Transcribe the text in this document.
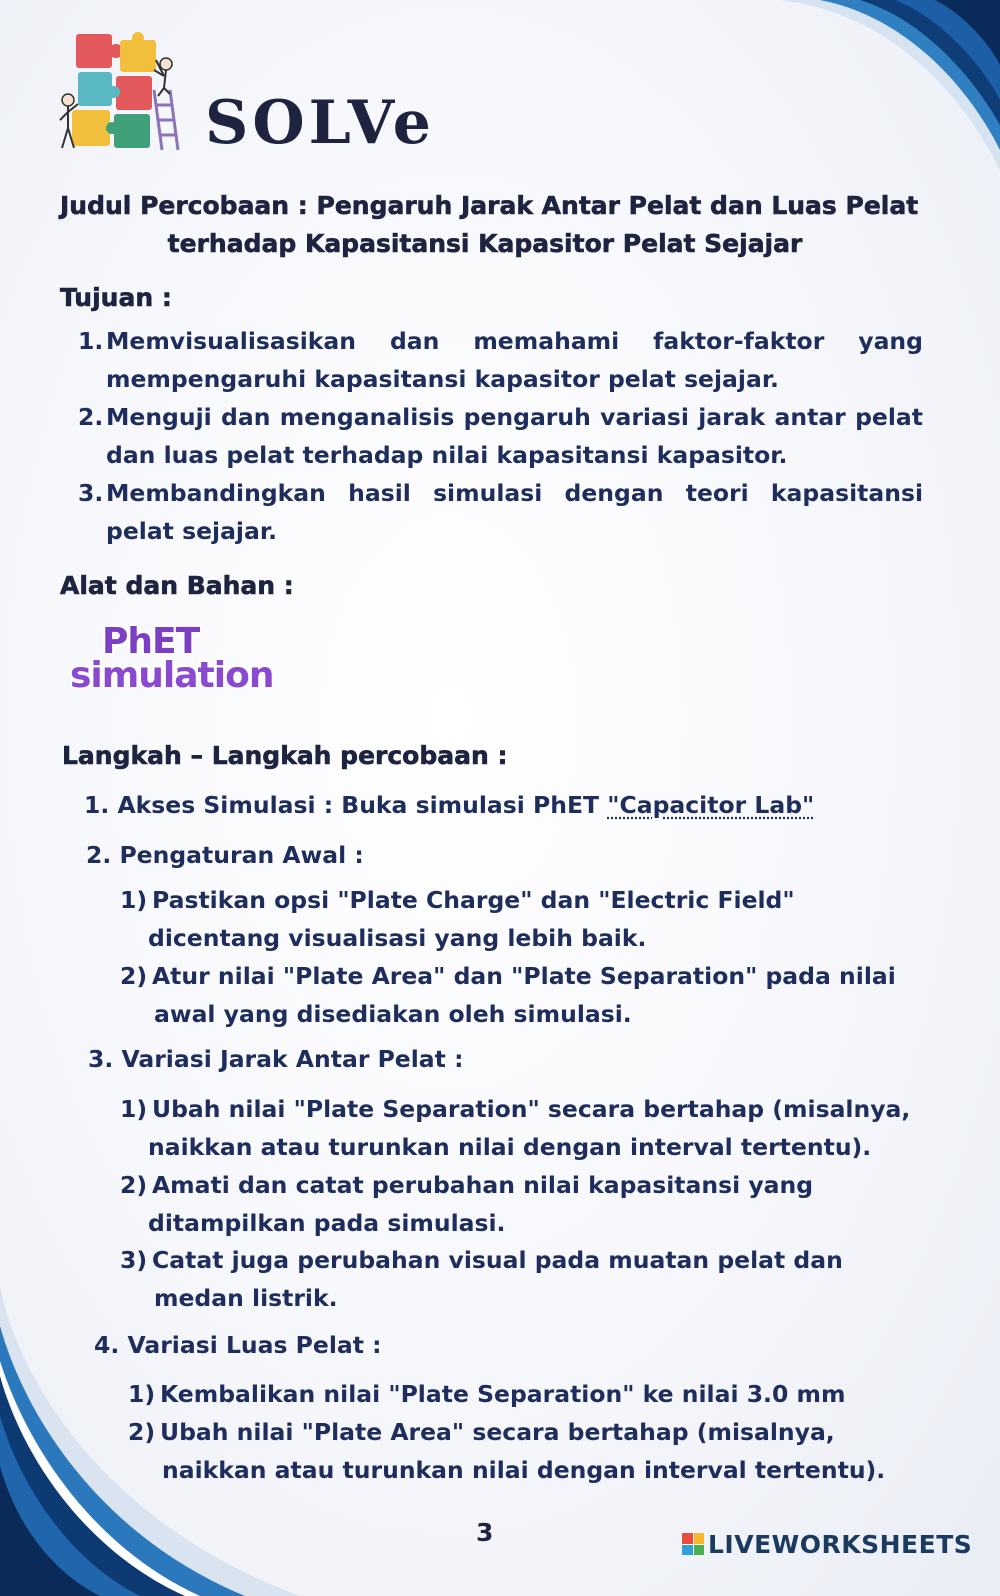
SOLVe
Judul Percobaan : Pengaruh Jarak Antar Pelat dan Luas Pelat
terhadap Kapasitansi Kapasitor Pelat Sejajar
Tujuan :
1. Memvisualisasikan dan memahami faktor-faktor yang mempengaruhi kapasitansi kapasitor pelat sejajar.
2. Menguji dan menganalisis pengaruh variasi jarak antar pelat dan luas pelat terhadap nilai kapasitansi kapasitor.
3. Membandingkan hasil simulasi dengan teori kapasitansi pelat sejajar.
Alat dan Bahan :
PhET
simulation
Langkah – Langkah percobaan :
1. Akses Simulasi : Buka simulasi PhET "Capacitor Lab"
2. Pengaturan Awal :
1) Pastikan opsi "Plate Charge" dan "Electric Field"
dicentang visualisasi yang lebih baik.
2) Atur nilai "Plate Area" dan "Plate Separation" pada nilai
awal yang disediakan oleh simulasi.
3. Variasi Jarak Antar Pelat :
1) Ubah nilai "Plate Separation" secara bertahap (misalnya,
naikkan atau turunkan nilai dengan interval tertentu).
2) Amati dan catat perubahan nilai kapasitansi yang
ditampilkan pada simulasi.
3) Catat juga perubahan visual pada muatan pelat dan
medan listrik.
4. Variasi Luas Pelat :
1) Kembalikan nilai "Plate Separation" ke nilai 3.0 mm
2) Ubah nilai "Plate Area" secara bertahap (misalnya,
naikkan atau turunkan nilai dengan interval tertentu).
3	LIVEWORKSHEETS
